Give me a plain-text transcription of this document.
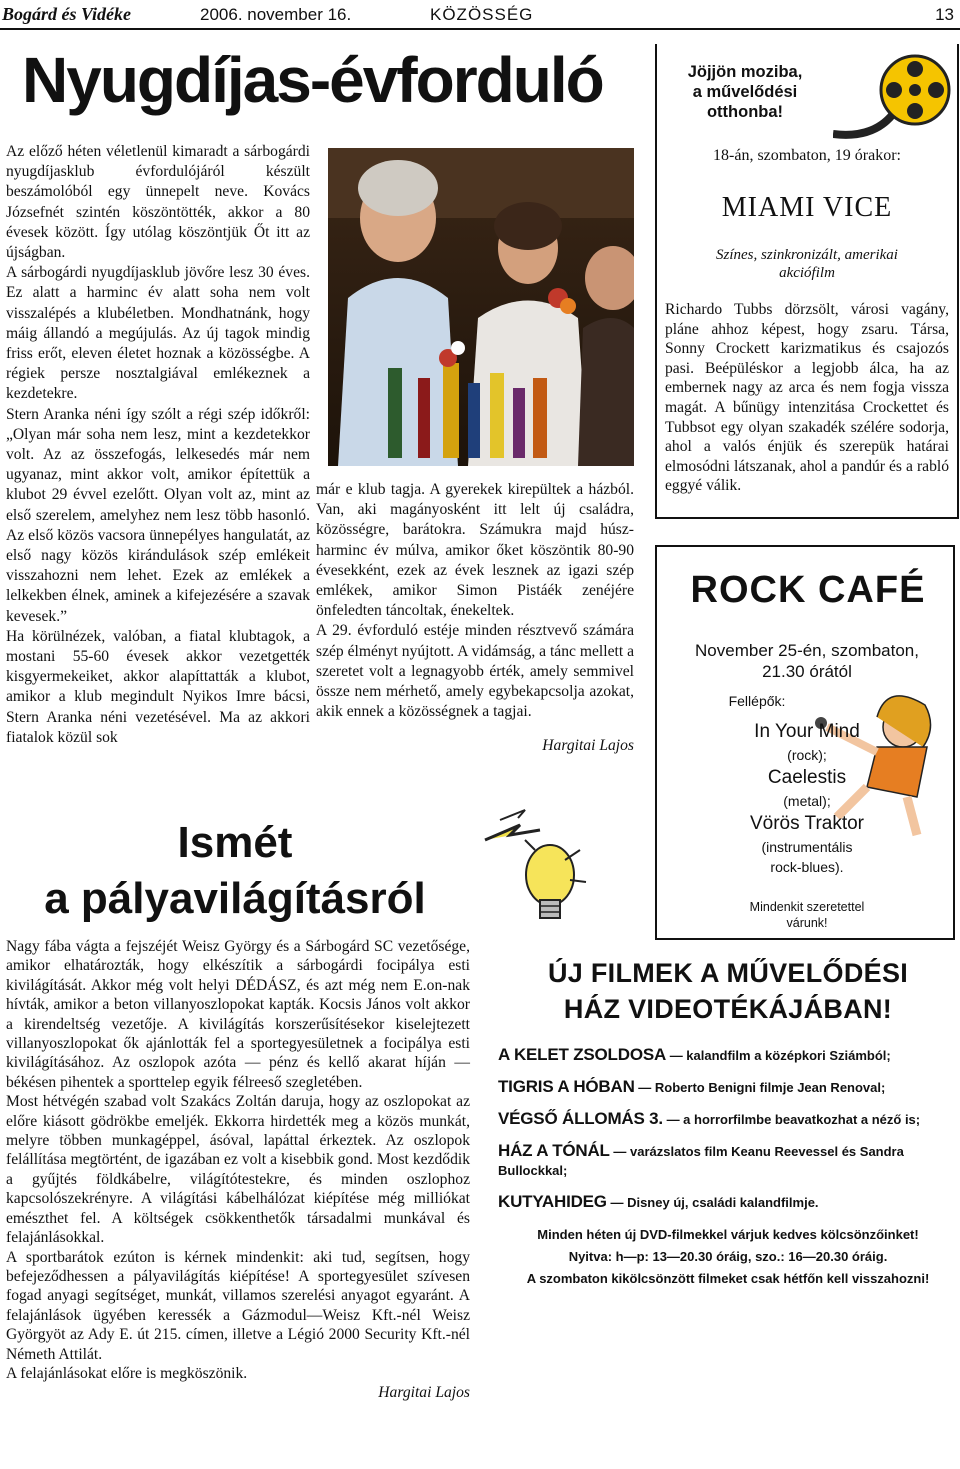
Bogárd és Vidéke	2006. november 16.	KÖZÖSSÉG	13
Nyugdíjas-évforduló

Az előző héten véletlenül kimaradt a sárbogárdi nyugdíjasklub évfordulójáról készült beszámolóból egy ünnepelt neve. Kovács Józsefnét szintén köszöntötték, akkor a 80 évesek között. Így utólag köszöntjük Őt itt az újságban.

A sárbogárdi nyugdíjasklub jövőre lesz 30 éves. Ez alatt a harminc év alatt soha nem volt visszalépés a klubéletben. Mondhatnánk, hogy máig állandó a megújulás. Az új tagok mindig friss erőt, eleven életet hoznak a közösségbe. A régiek persze nosztalgiával emlékeznek a kezdetekre.

Stern Aranka néni így szólt a régi szép időkről: „Olyan már soha nem lesz, mint a kezdetekkor volt. Az az összefogás, lelkesedés már nem ugyanaz, mint akkor volt, amikor építettük a klubot 29 évvel ezelőtt. Olyan volt az, mint az első szerelem, amelyhez nem lesz több hasonló. Az első közös vacsora ünnepélyes hangulatát, az első nagy közös kirándulások szép emlékeit visszahozni nem lehet. Ezek az emlékek a lelkekben élnek, aminek a kifejezésére a szavak kevesek.”

Ha körülnézek, valóban, a fiatal klubtagok, a mostani 55-60 évesek akkor vezetgették kisgyermekeiket, akkor alapíttatták a klubot, amikor a klub megindult Nyikos Imre bácsi, Stern Aranka néni vezetésével. Ma az akkori fiatalok közül sok

már e klub tagja. A gyerekek kirepültek a házból. Van, aki magányosként itt lelt új családra, közösségre, barátokra. Számukra majd húsz-harminc év múlva, amikor őket köszöntik 80-90 évesekként, ezek az évek lesznek az igazi szép emlékek, amikor Simon Pistáék zenéjére önfeledten táncoltak, énekeltek.

A 29. évforduló estéje minden résztvevő számára szép élményt nyújtott. A vidámság, a tánc mellett a szeretet volt a legnagyobb érték, amely semmivel össze nem mérhető, amely egybekapcsolja azokat, akik ennek a közösségnek a tagjai.

Hargitai Lajos

Ismét
a pályavilágításról

Nagy fába vágta a fejszéjét Weisz György és a Sárbogárd SC vezetősége, amikor elhatározták, hogy elkészítik a sárbogárdi focipálya esti kivilágítását. Akkor még volt helyi DÉDÁSZ, és azt még nem E.on-nak hívták, amikor a beton villanyoszlopokat kapták. Kocsis János volt akkor a kirendeltség vezetője. A kivilágítás korszerűsítésekor kiselejtezett villanyoszlopokat ők ajánlották fel a sportegyesületnek a focipálya esti kivilágításához. Az oszlopok azóta — pénz és kellő akarat híján — békésen pihentek a sporttelep egyik félreeső szegletében.

Most hétvégén szabad volt Szakács Zoltán daruja, hogy az oszlopokat az előre kiásott gödrökbe emeljék. Ekkorra hirdették meg a közös munkát, melyre többen munkagéppel, ásóval, lapáttal érkeztek. Az oszlopok felállítása megtörtént, de igazában ez volt a kisebbik gond. Most kezdődik a gyűjtés földkábelre, világítótestekre, és minden oszlophoz kapcsolószekrényre. A világítási kábelhálózat kiépítése még milliókat emészthet fel. A költségek csökkenthetők társadalmi munkával és felajánlásokkal.

A sportbarátok ezúton is kérnek mindenkit: aki tud, segítsen, hogy befejeződhessen a pályavilágítás kiépítése! A sportegyesület szívesen fogad anyagi segítséget, munkát, villamos szerelési anyagot egyaránt. A felajánlások ügyében keressék a Gázmodul—Weisz Kft.-nél Weisz Györgyöt az Ady E. út 215. címen, illetve a Légió 2000 Security Kft.-nél Németh Attilát.

A felajánlásokat előre is megköszönik.

Hargitai Lajos

Jöjjön moziba,
a művelődési
otthonba!
18-án, szombaton, 19 órakor:
MIAMI VICE
Színes, szinkronizált, amerikai
akciófilm
Richardo Tubbs dörzsölt, városi vagány, pláne ahhoz képest, hogy zsaru. Társa, Sonny Crockett karizmatikus és csajozós pasi. Beépüléskor a legjobb álca, ha az embernek nagy az arca és nem fogja vissza magát. A bűnügy intenzitása Crockettet és Tubbsot egy olyan szakadék szélére sodorja, ahol a valós énjük és szerepük határai elmosódni látszanak, ahol a pandúr és a rabló eggyé válik.
ROCK CAFÉ
November 25-én, szombaton,
21.30 órától
Fellépők:
In Your Mind
(rock);
Caelestis
(metal);
Vörös Traktor
(instrumentális
rock-blues).
Mindenkit szeretettel
várunk!
ÚJ FILMEK A MŰVELŐDÉSI
HÁZ VIDEOTÉKÁJÁBAN!
A KELET ZSOLDOSA — kalandfilm a középkori Sziámból;
TIGRIS A HÓBAN — Roberto Benigni filmje Jean Renoval;
VÉGSŐ ÁLLOMÁS 3. — a horrorfilmbe beavatkozhat a néző is;
HÁZ A TÓNÁL — varázslatos film Keanu Reevessel és Sandra Bullockkal;
KUTYAHIDEG — Disney új, családi kalandfilmje.
Minden héten új DVD-filmekkel várjuk kedves kölcsönzőinket!
Nyitva: h—p: 13—20.30 óráig, szo.: 16—20.30 óráig.
A szombaton kikölcsönzött filmeket csak hétfőn kell visszahozni!
